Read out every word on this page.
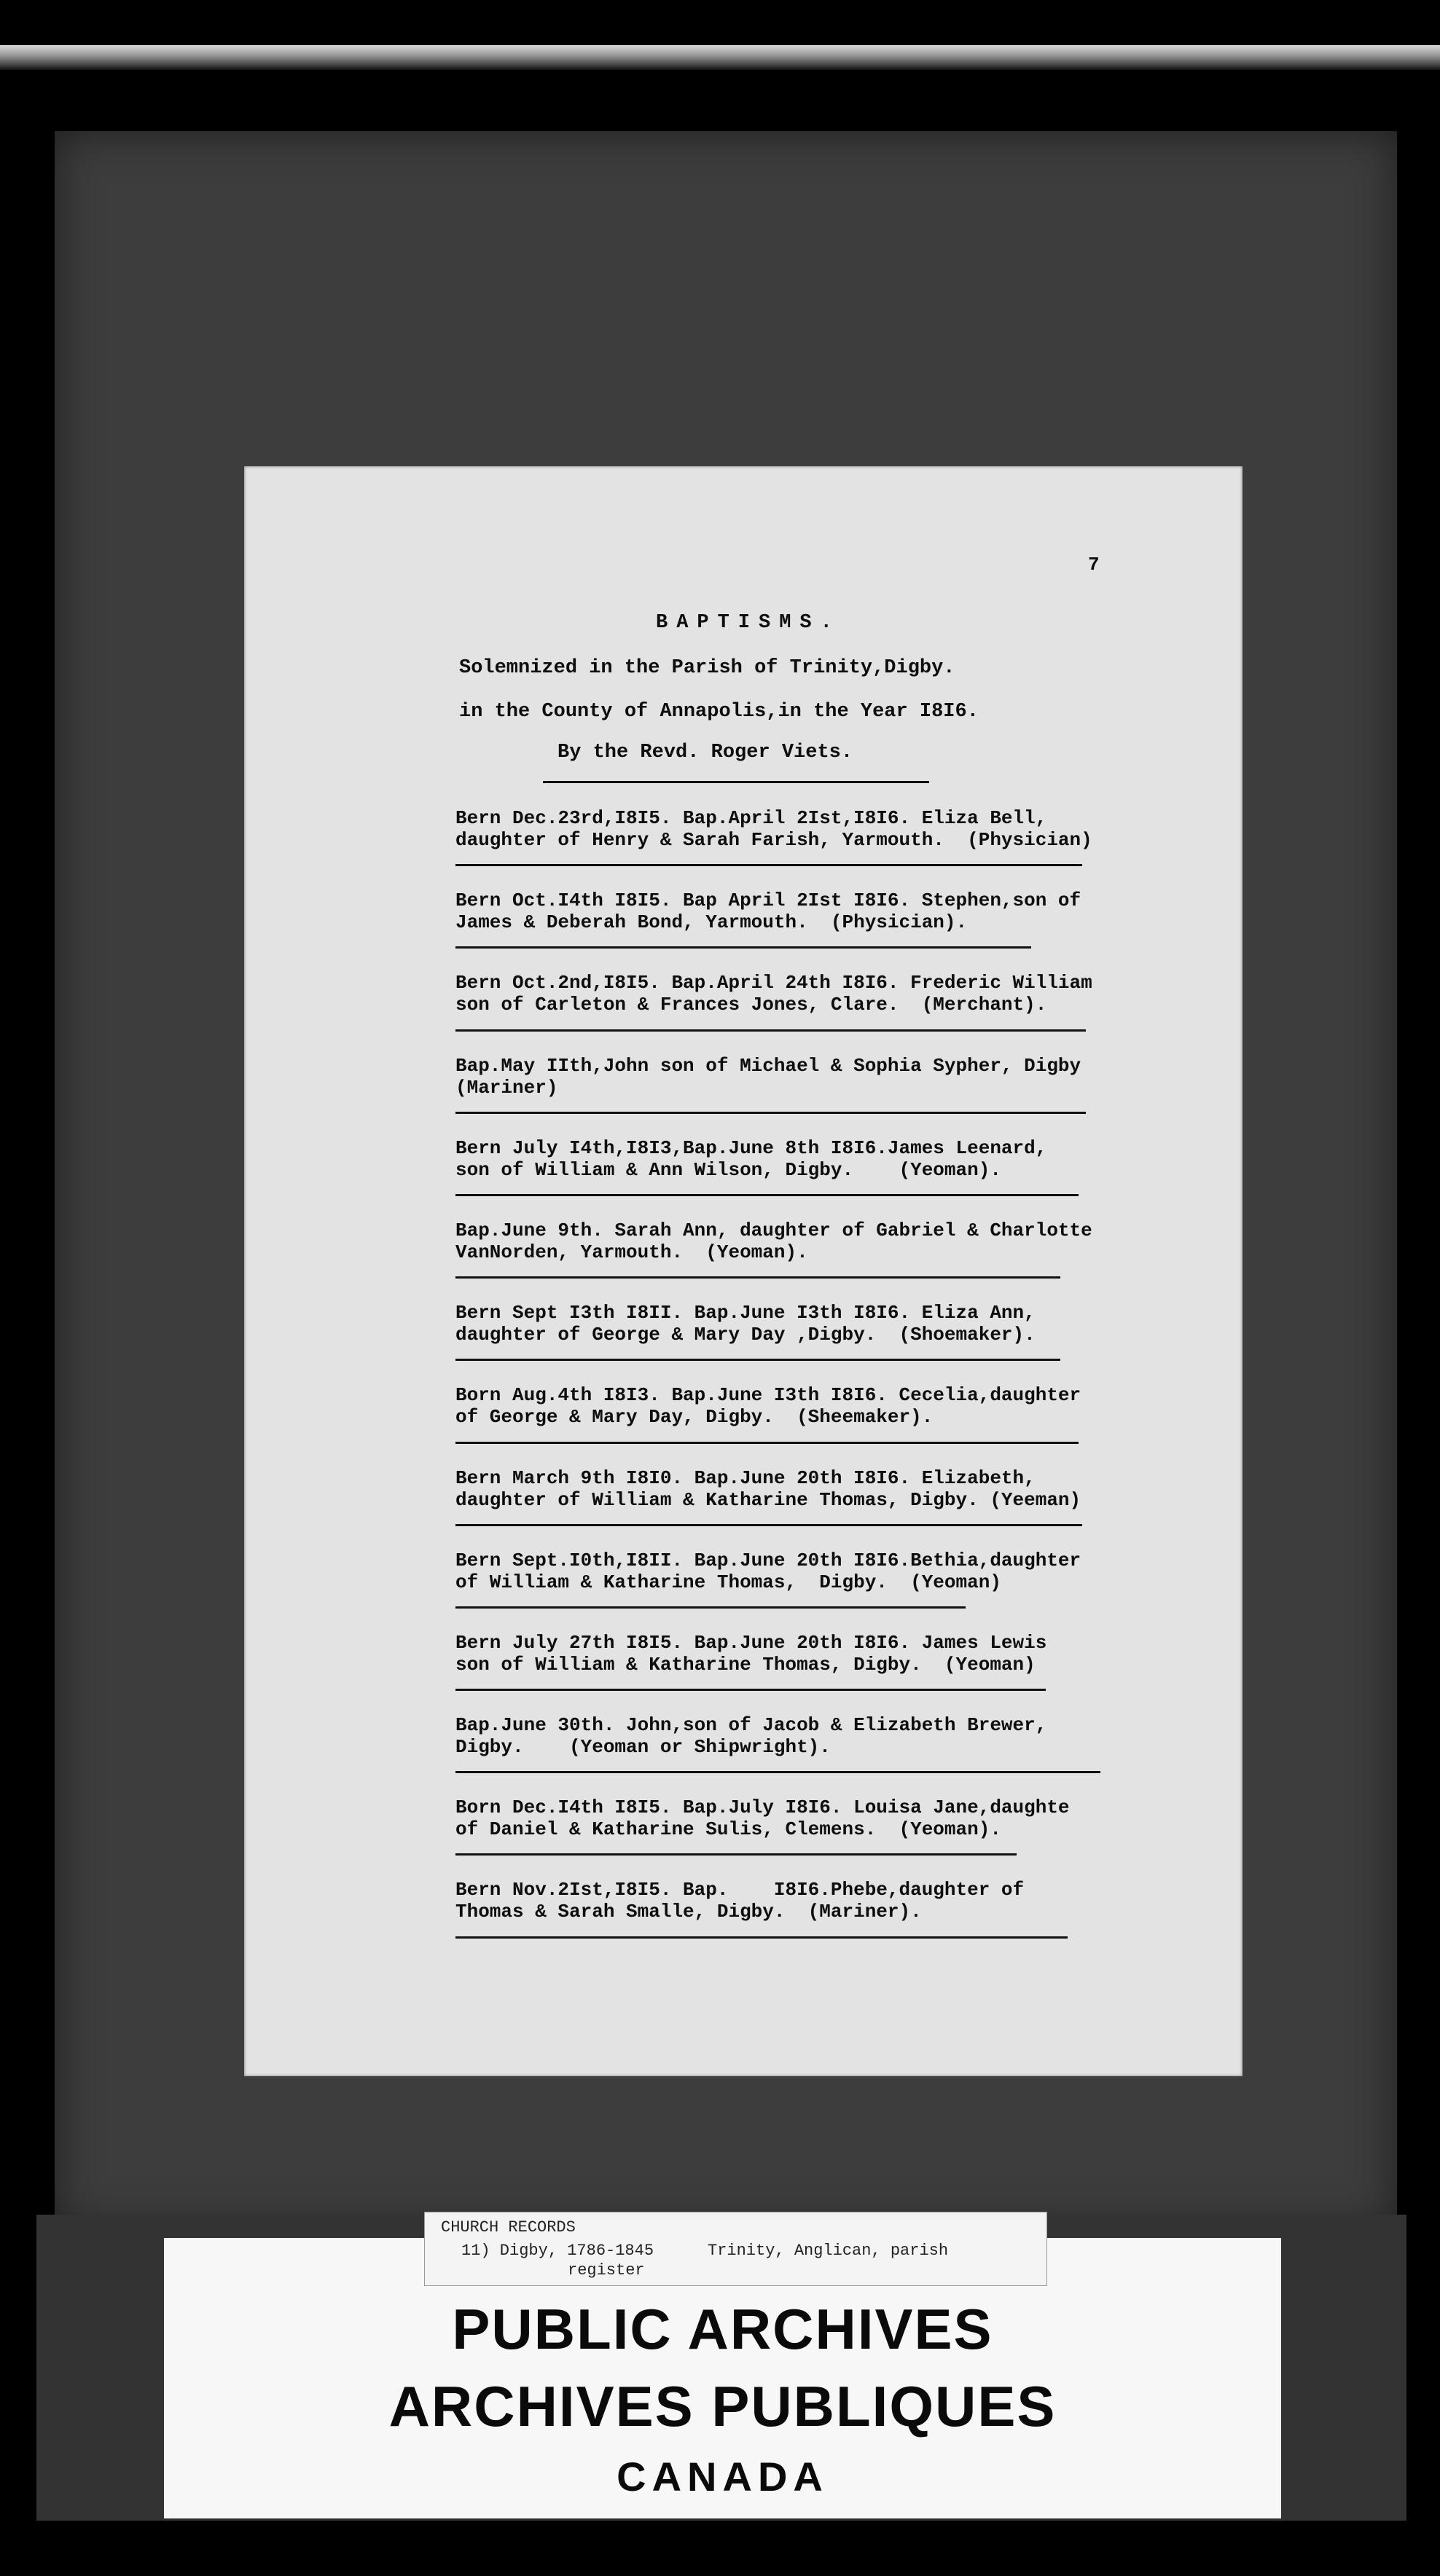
7
BAPTISMS.
Solemnized in the Parish of Trinity,Digby.
in the County of Annapolis,in the Year I8I6.
By the Revd. Roger Viets.
Bern Dec.23rd,I8I5. Bap.April 2Ist,I8I6. Eliza Bell,
daughter of Henry & Sarah Farish, Yarmouth.  (Physician)
Bern Oct.I4th I8I5. Bap April 2Ist I8I6. Stephen,son of
James & Deberah Bond, Yarmouth.  (Physician).
Bern Oct.2nd,I8I5. Bap.April 24th I8I6. Frederic William
son of Carleton & Frances Jones, Clare.  (Merchant).
Bap.May IIth,John son of Michael & Sophia Sypher, Digby
(Mariner)
Bern July I4th,I8I3,Bap.June 8th I8I6.James Leenard,
son of William & Ann Wilson, Digby.    (Yeoman).
Bap.June 9th. Sarah Ann, daughter of Gabriel & Charlotte
VanNorden, Yarmouth.  (Yeoman).
Bern Sept I3th I8II. Bap.June I3th I8I6. Eliza Ann,
daughter of George & Mary Day ,Digby.  (Shoemaker).
Born Aug.4th I8I3. Bap.June I3th I8I6. Cecelia,daughter
of George & Mary Day, Digby.  (Sheemaker).
Bern March 9th I8I0. Bap.June 20th I8I6. Elizabeth,
daughter of William & Katharine Thomas, Digby. (Yeeman)
Bern Sept.I0th,I8II. Bap.June 20th I8I6.Bethia,daughter
of William & Katharine Thomas,  Digby.  (Yeoman)
Bern July 27th I8I5. Bap.June 20th I8I6. James Lewis
son of William & Katharine Thomas, Digby.  (Yeoman)
Bap.June 30th. John,son of Jacob & Elizabeth Brewer,
Digby.    (Yeoman or Shipwright).
Born Dec.I4th I8I5. Bap.July I8I6. Louisa Jane,daughte
of Daniel & Katharine Sulis, Clemens.  (Yeoman).
Bern Nov.2Ist,I8I5. Bap.    I8I6.Phebe,daughter of
Thomas & Sarah Smalle, Digby.  (Mariner).
PUBLIC ARCHIVES
ARCHIVES PUBLIQUES
CANADA
CHURCH RECORDS
11) Digby, 1786-1845	Trinity, Anglican, parish
register
